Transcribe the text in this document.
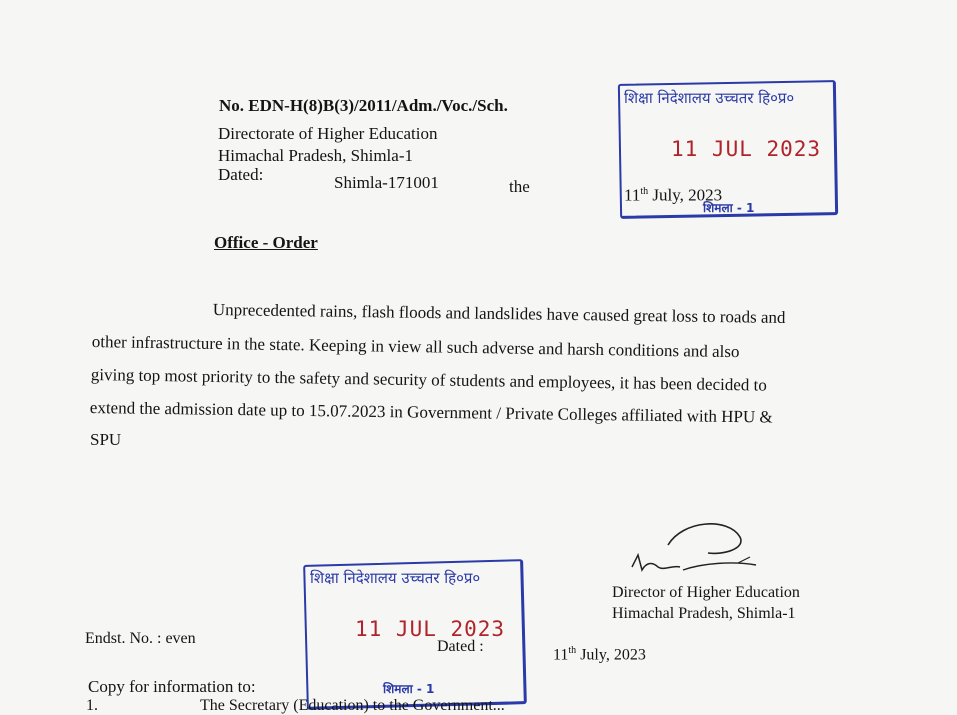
No. EDN-H(8)B(3)/2011/Adm./Voc./Sch.
Directorate of Higher Education
Himachal Pradesh, Shimla-1
Dated:	Shimla-171001	the	11th July, 2023
शिक्षा निदेशालय उच्चतर हि०प्र०
11 JUL 2023
शिमला - 1
Office - Order
Unprecedented rains, flash floods and landslides have caused great loss to roads and
other infrastructure in the state. Keeping in view all such adverse and harsh conditions and also
giving top most priority to the safety and security of students and employees, it has been decided to
extend the admission date up to 15.07.2023 in Government / Private Colleges affiliated with HPU &
SPU
Director of Higher Education
Himachal Pradesh, Shimla-1
Endst. No. : even	Dated :	11th July, 2023
शिक्षा निदेशालय उच्चतर हि०प्र०
11 JUL 2023
शिमला - 1
Copy for information to:
1.	The Secretary (Education) to the Government...
